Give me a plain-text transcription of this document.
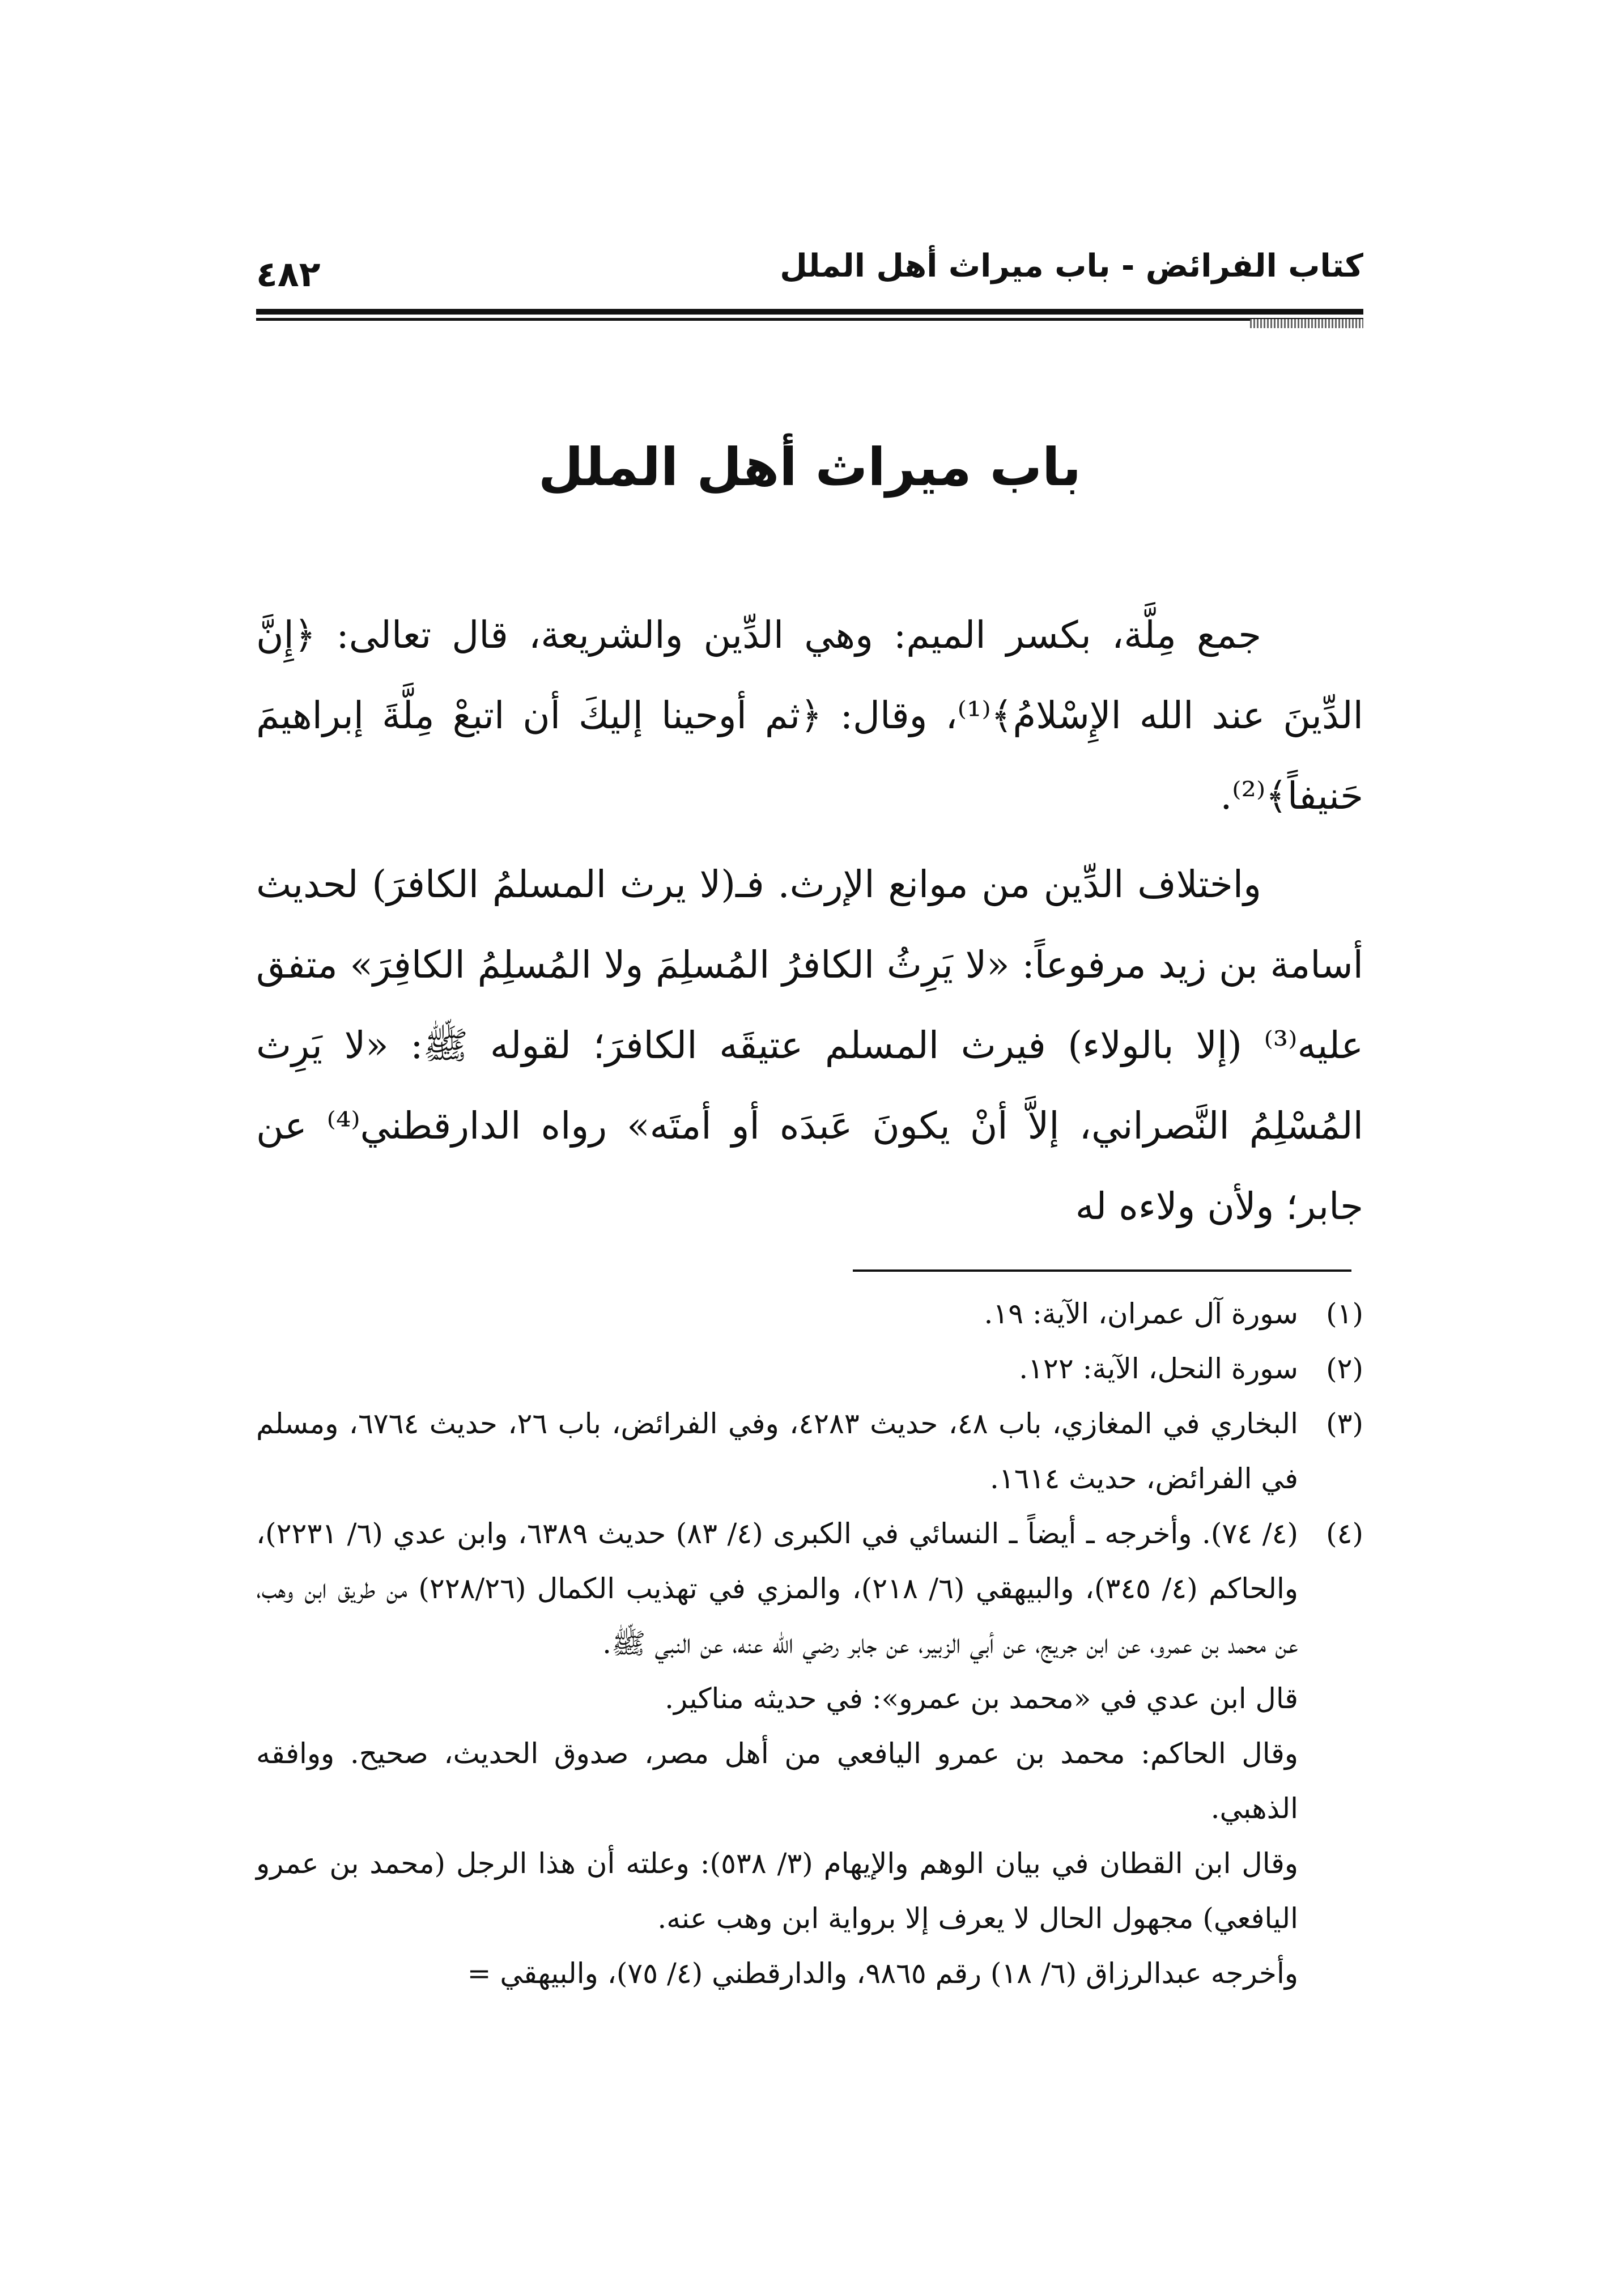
كتاب الفرائض - باب ميراث أهل الملل
٤٨٢
باب ميراث أهل الملل

جمع مِلَّة، بكسر الميم: وهي الدِّين والشريعة، قال تعالى: ﴿إِنَّ الدِّينَ عند الله الإِسْلامُ﴾⁽¹⁾، وقال: ﴿ثم أوحينا إليكَ أن اتبعْ مِلَّةَ إبراهيمَ حَنيفاً﴾⁽²⁾.

واختلاف الدِّين من موانع الإرث. فـ(لا يرث المسلمُ الكافرَ) لحديث أسامة بن زيد مرفوعاً: «لا يَرِثُ الكافرُ المُسلِمَ ولا المُسلِمُ الكافِرَ» متفق عليه⁽³⁾ (إلا بالولاء) فيرث المسلم عتيقَه الكافرَ؛ لقوله ﷺ: «لا يَرِث المُسْلِمُ النَّصراني، إلاَّ أنْ يكونَ عَبدَه أو أمتَه» رواه الدارقطني⁽⁴⁾ عن جابر؛ ولأن ولاءه له

(١)
سورة آل عمران، الآية: ١٩.
(٢)
سورة النحل، الآية: ١٢٢.
(٣)
البخاري في المغازي، باب ٤٨، حديث ٤٢٨٣، وفي الفرائض، باب ٢٦، حديث ٦٧٦٤، ومسلم في الفرائض، حديث ١٦١٤.
(٤)
(٤/ ٧٤). وأخرجه ـ أيضاً ـ النسائي في الكبرى (٤/ ٨٣) حديث ٦٣٨٩، وابن عدي (٦/ ٢٢٣١)، والحاكم (٤/ ٣٤٥)، والبيهقي (٦/ ٢١٨)، والمزي في تهذيب الكمال (٢٢٨/٢٦) من طريق ابن وهب، عن محمد بن عمرو، عن ابن جريج، عن أبي الزبير، عن جابر رضي الله عنه، عن النبي ﷺ.
قال ابن عدي في «محمد بن عمرو»: في حديثه مناكير.
وقال الحاكم: محمد بن عمرو اليافعي من أهل مصر، صدوق الحديث، صحيح. ووافقه الذهبي.
وقال ابن القطان في بيان الوهم والإيهام (٣/ ٥٣٨): وعلته أن هذا الرجل (محمد بن عمرو اليافعي) مجهول الحال لا يعرف إلا برواية ابن وهب عنه.
وأخرجه عبدالرزاق (٦/ ١٨) رقم ٩٨٦٥، والدارقطني (٤/ ٧٥)، والبيهقي =
